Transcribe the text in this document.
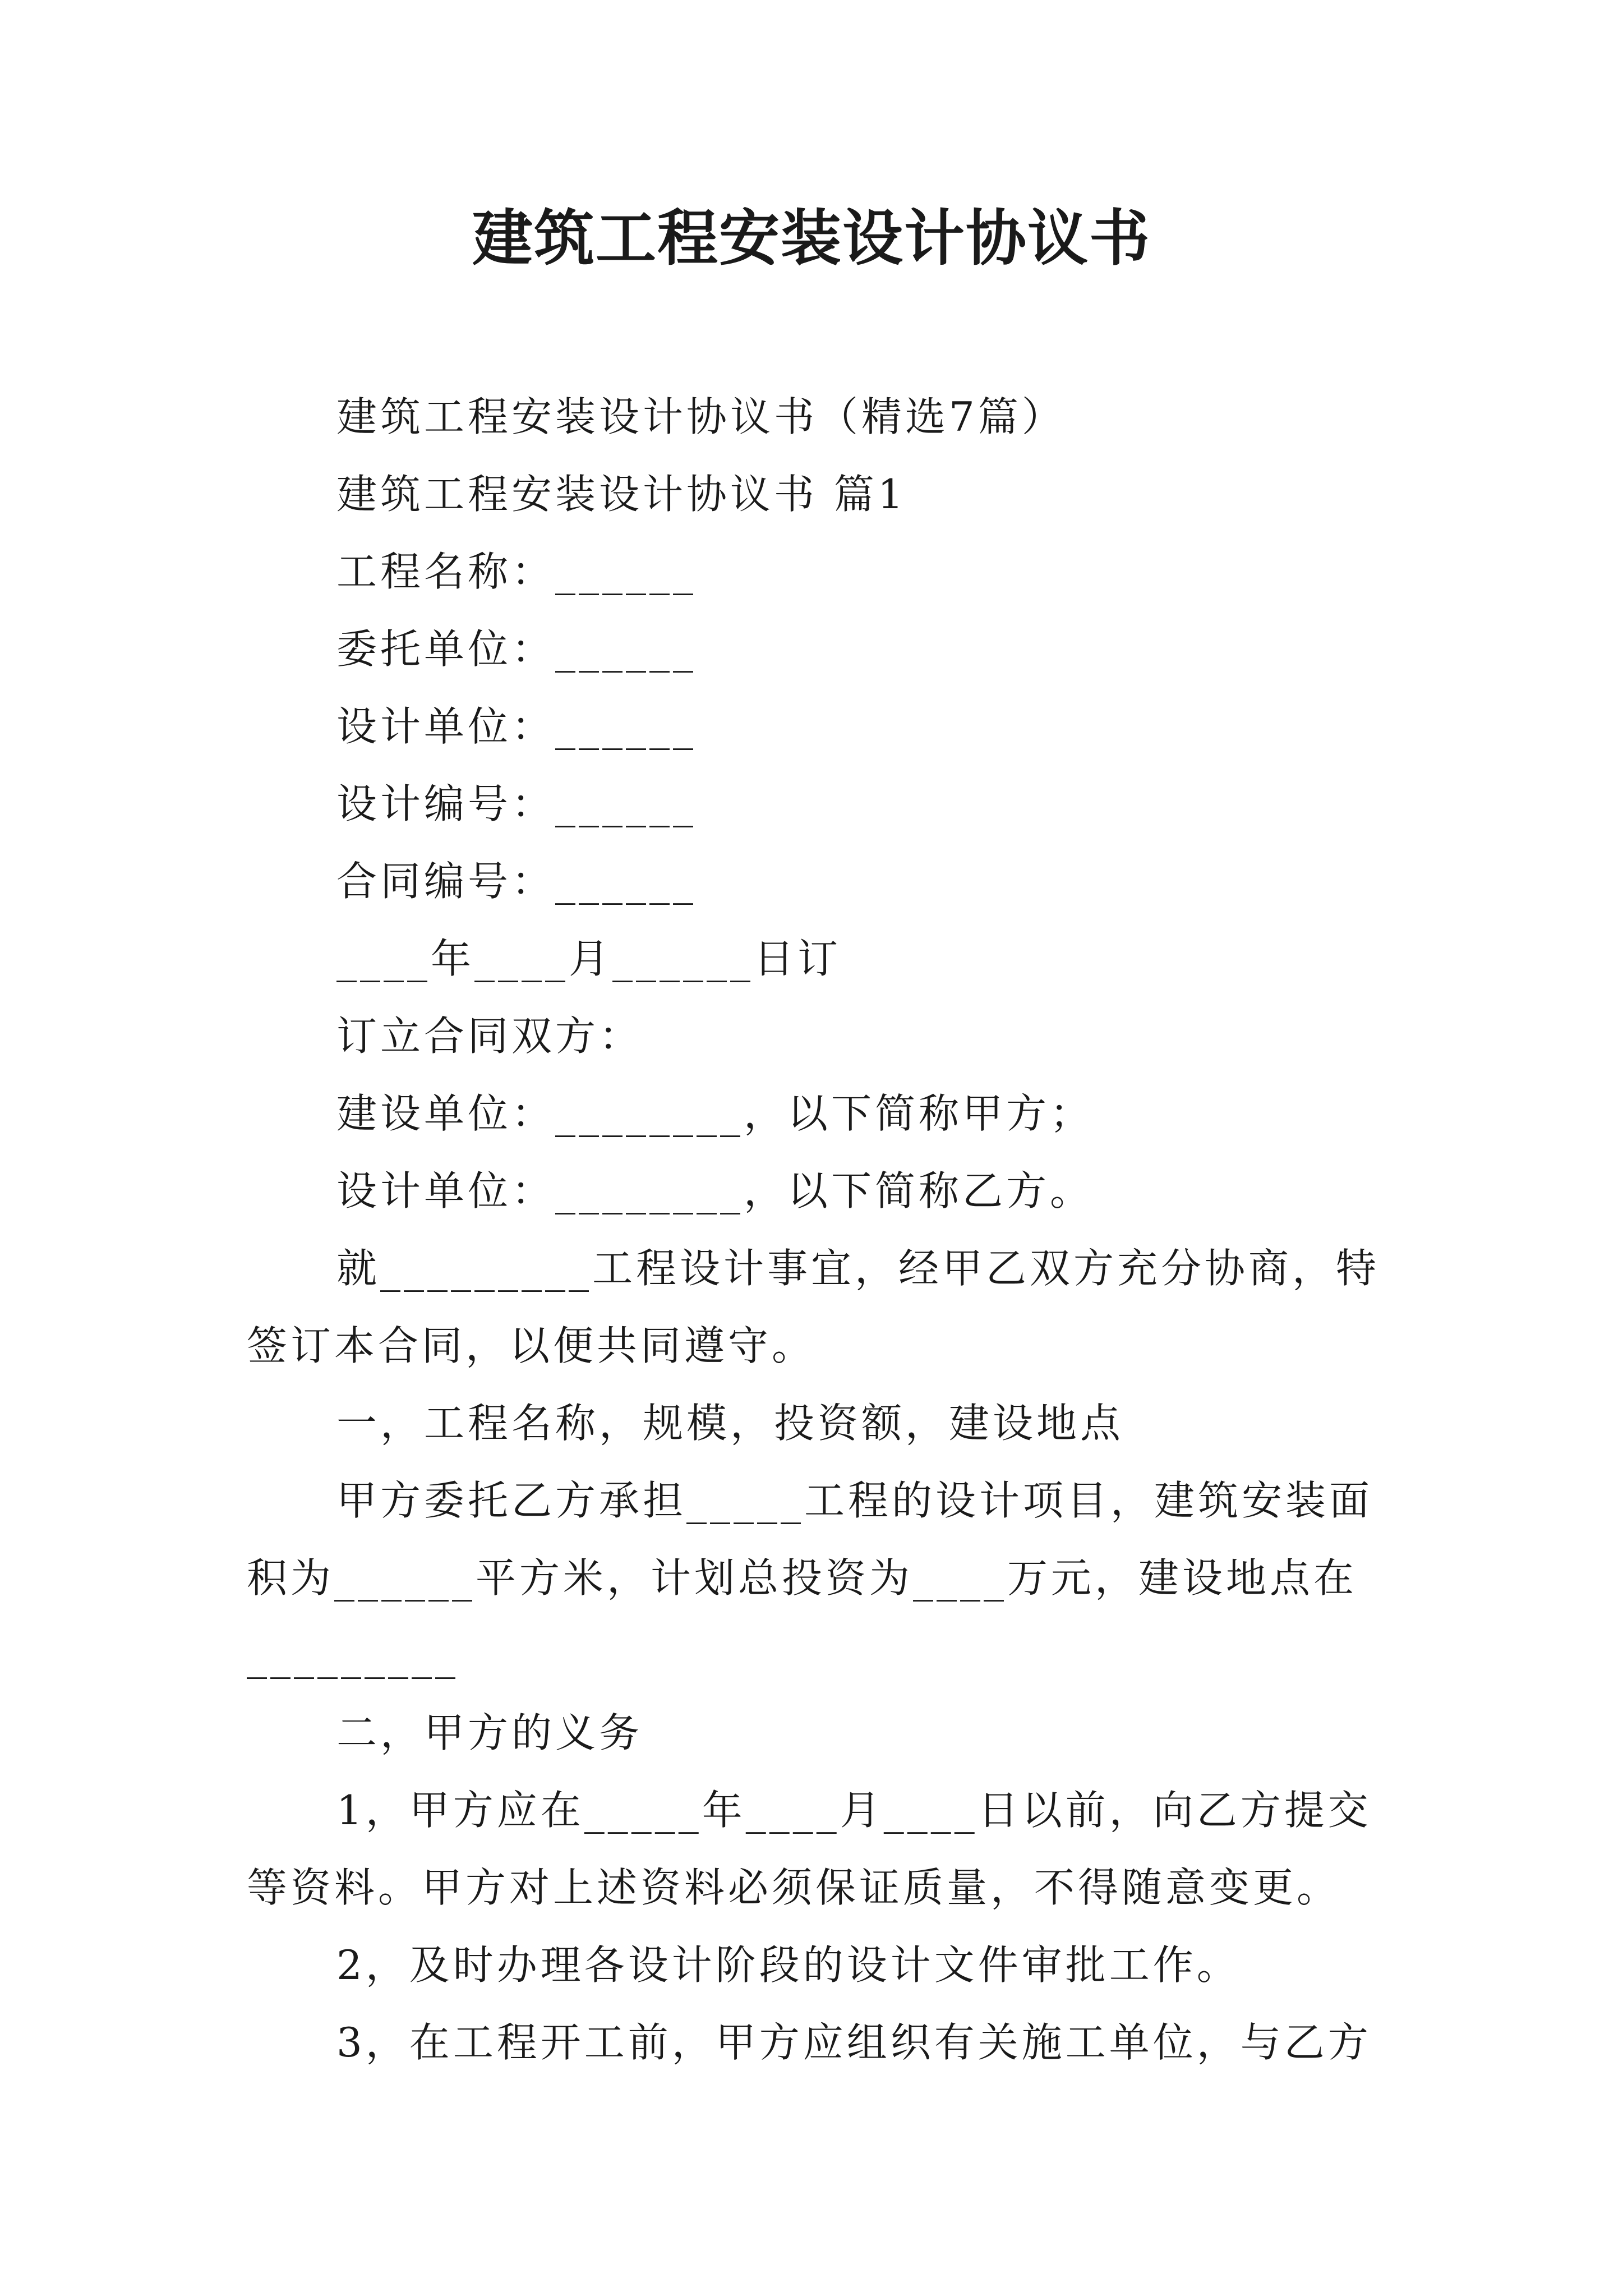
建筑工程安装设计协议书
建筑工程安装设计协议书（精选7篇）
建筑工程安装设计协议书 篇1
工程名称：______
委托单位：______
设计单位：______
设计编号：______
合同编号：______
____年____月______日订
订立合同双方：
建设单位：________，以下简称甲方；
设计单位：________，以下简称乙方。
就_________工程设计事宜，经甲乙双方充分协商，特
签订本合同，以便共同遵守。
一，工程名称，规模，投资额，建设地点
甲方委托乙方承担_____工程的设计项目，建筑安装面
积为______平方米，计划总投资为____万元，建设地点在
_________
二，甲方的义务
1，甲方应在_____年____月____日以前，向乙方提交
等资料。甲方对上述资料必须保证质量，不得随意变更。
2，及时办理各设计阶段的设计文件审批工作。
3，在工程开工前，甲方应组织有关施工单位，与乙方
